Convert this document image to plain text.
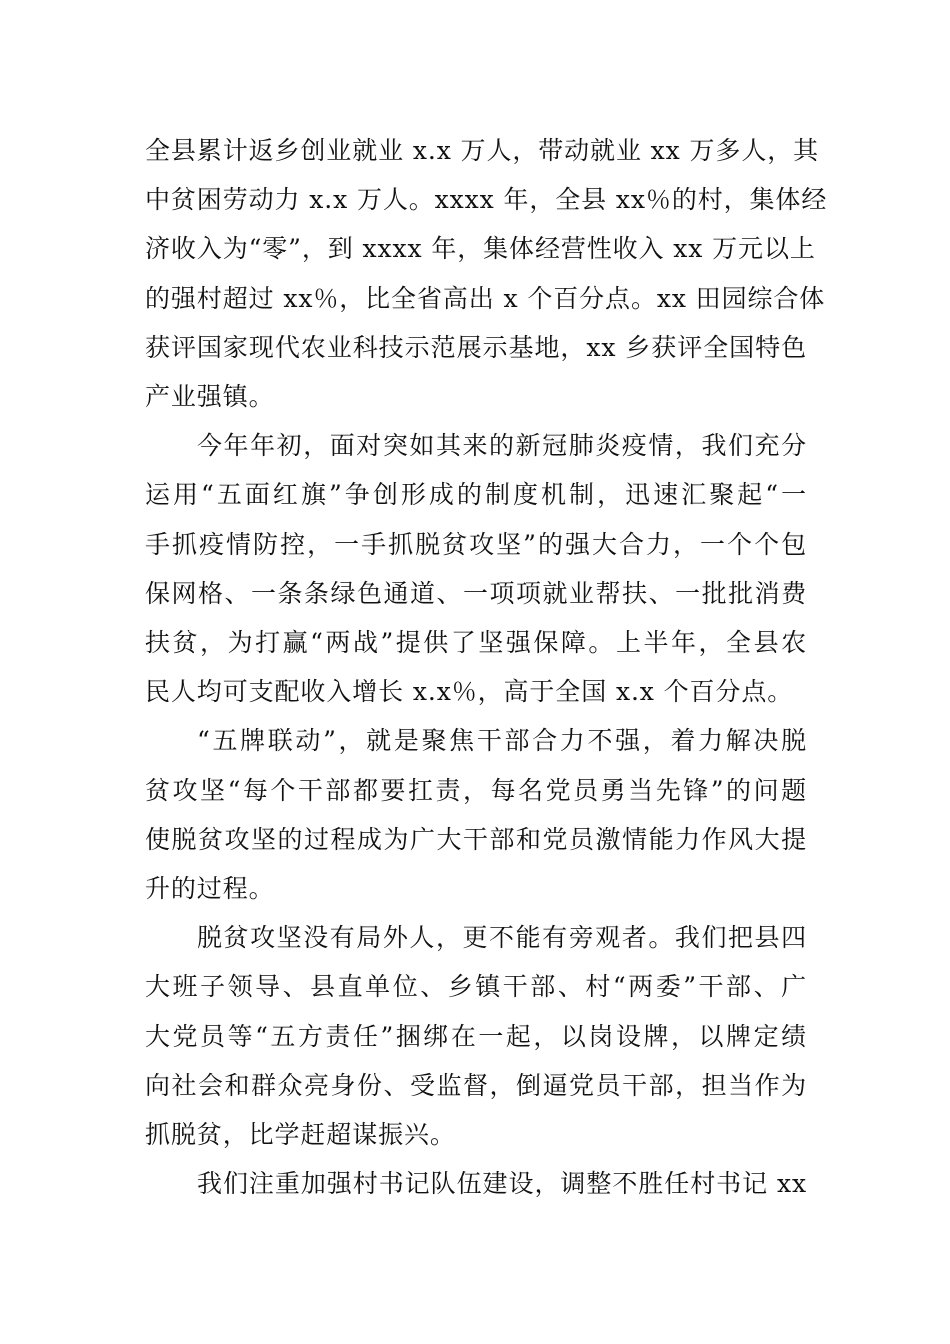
全县累计返乡创业就业 x.x 万人，带动就业 xx 万多人，其
中贫困劳动力 x.x 万人。xxxx 年，全县 xx％的村，集体经
济收入为“零”，到 xxxx 年，集体经营性收入 xx 万元以上
的强村超过 xx％，比全省高出 x 个百分点。xx 田园综合体
获评国家现代农业科技示范展示基地，xx 乡获评全国特色
产业强镇。
今年年初，面对突如其来的新冠肺炎疫情，我们充分
运用“五面红旗”争创形成的制度机制，迅速汇聚起“一
手抓疫情防控，一手抓脱贫攻坚”的强大合力，一个个包
保网格、一条条绿色通道、一项项就业帮扶、一批批消费
扶贫，为打赢“两战”提供了坚强保障。上半年，全县农
民人均可支配收入增长 x.x％，高于全国 x.x 个百分点。
“五牌联动”，就是聚焦干部合力不强，着力解决脱
贫攻坚“每个干部都要扛责，每名党员勇当先锋”的问题
使脱贫攻坚的过程成为广大干部和党员激情能力作风大提
升的过程。
脱贫攻坚没有局外人，更不能有旁观者。我们把县四
大班子领导、县直单位、乡镇干部、村“两委”干部、广
大党员等“五方责任”捆绑在一起，以岗设牌，以牌定绩
向社会和群众亮身份、受监督，倒逼党员干部，担当作为
抓脱贫，比学赶超谋振兴。
我们注重加强村书记队伍建设，调整不胜任村书记 xx
